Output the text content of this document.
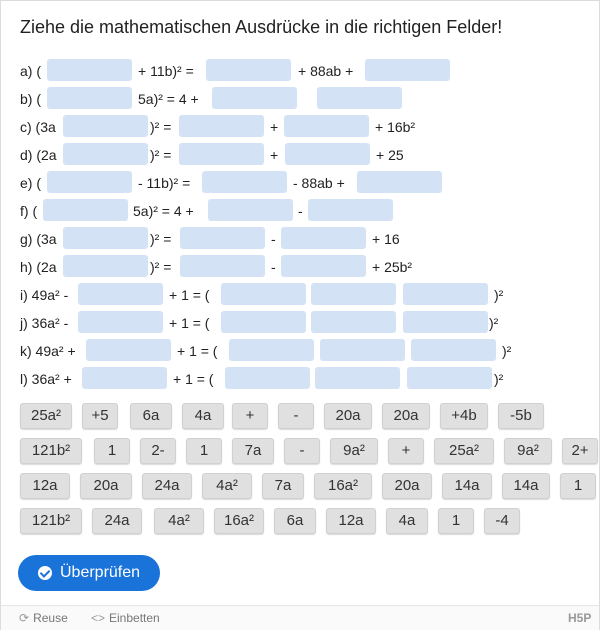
Ziehe die mathematischen Ausdrücke in die richtigen Felder!
a) (	+ 11b)² =	+ 88ab +
b) (	5a)² = 4 +
c) (3a	)² =	+	+ 16b²
d) (2a	)² =	+	+ 25
e) (	- 11b)² =	- 88ab +
f) (	5a)² = 4 +	-
g) (3a	)² =	-	+ 16
h) (2a	)² =	-	+ 25b²
i) 49a² -	+ 1 = (	)²
j) 36a² -	+ 1 = (	)²
k) 49a² +	+ 1 = (	)²
l) 36a² +	+ 1 = (	)²
25a²	+5	6a	4a	+	-	20a	20a	+4b	-5b
121b²	1	2-	1	7a	-	9a²	+	25a²	9a²	2+
12a	20a	24a	4a²	7a	16a²	20a	14a	14a	1
121b²	24a	4a²	16a²	6a	12a	4a	1	-4
Überprüfen
⟳ Reuse <> Einbetten	H5P
